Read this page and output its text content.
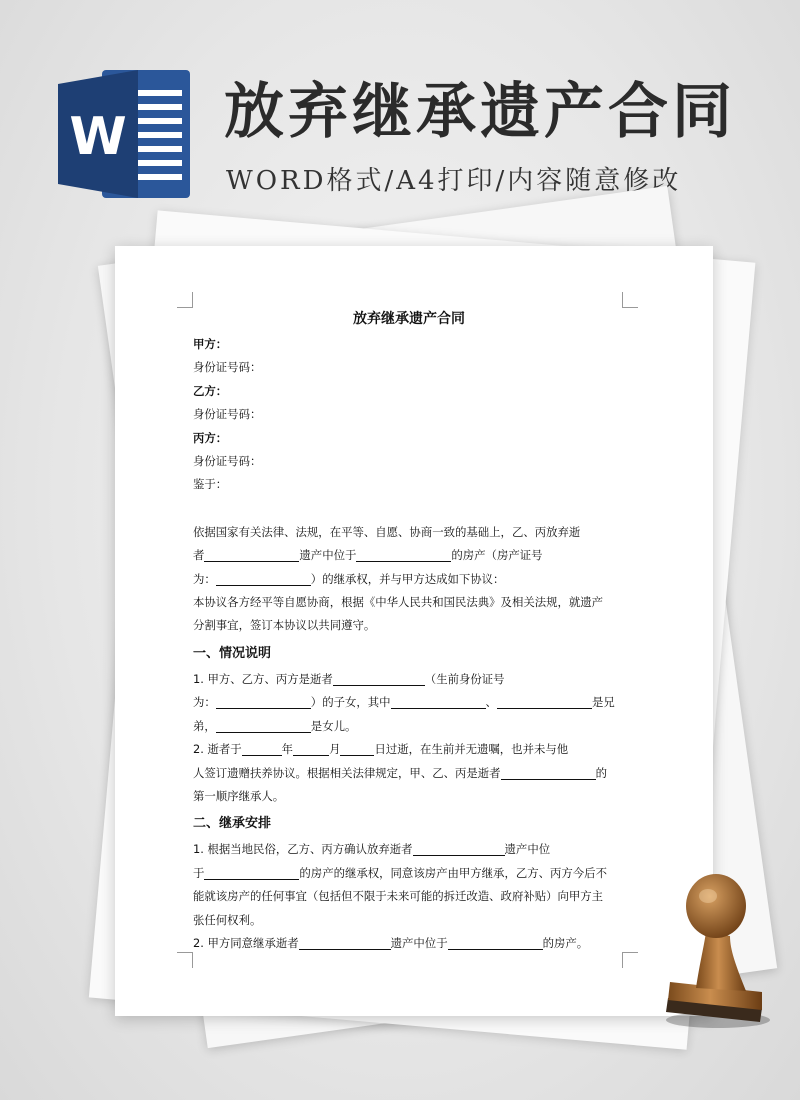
W 放弃继承遗产合同
WORD格式/A4打印/内容随意修改
放弃继承遗产合同
甲方：
身份证号码：
乙方：
身份证号码：
丙方：
身份证号码：
鉴于：
依据国家有关法律、法规，在平等、自愿、协商一致的基础上，乙、丙放弃逝
者	遗产中位于	的房产（房产证号
为：	）的继承权，并与甲方达成如下协议：
本协议各方经平等自愿协商，根据《中华人民共和国民法典》及相关法规，就遗产
分割事宜，签订本协议以共同遵守。
一、情况说明
1. 甲方、乙方、丙方是逝者	（生前身份证号
为：	）的子女，其中	、	是兄
弟，	是女儿。
2. 逝者于	年	月	日过逝，在生前并无遗嘱，也并未与他
人签订遗赠扶养协议。根据相关法律规定，甲、乙、丙是逝者	的
第一顺序继承人。
二、继承安排
1. 根据当地民俗，乙方、丙方确认放弃逝者	遗产中位
于	的房产的继承权，同意该房产由甲方继承，乙方、丙方今后不
能就该房产的任何事宜（包括但不限于未来可能的拆迁改造、政府补贴）向甲方主
张任何权利。
2. 甲方同意继承逝者	遗产中位于	的房产。
